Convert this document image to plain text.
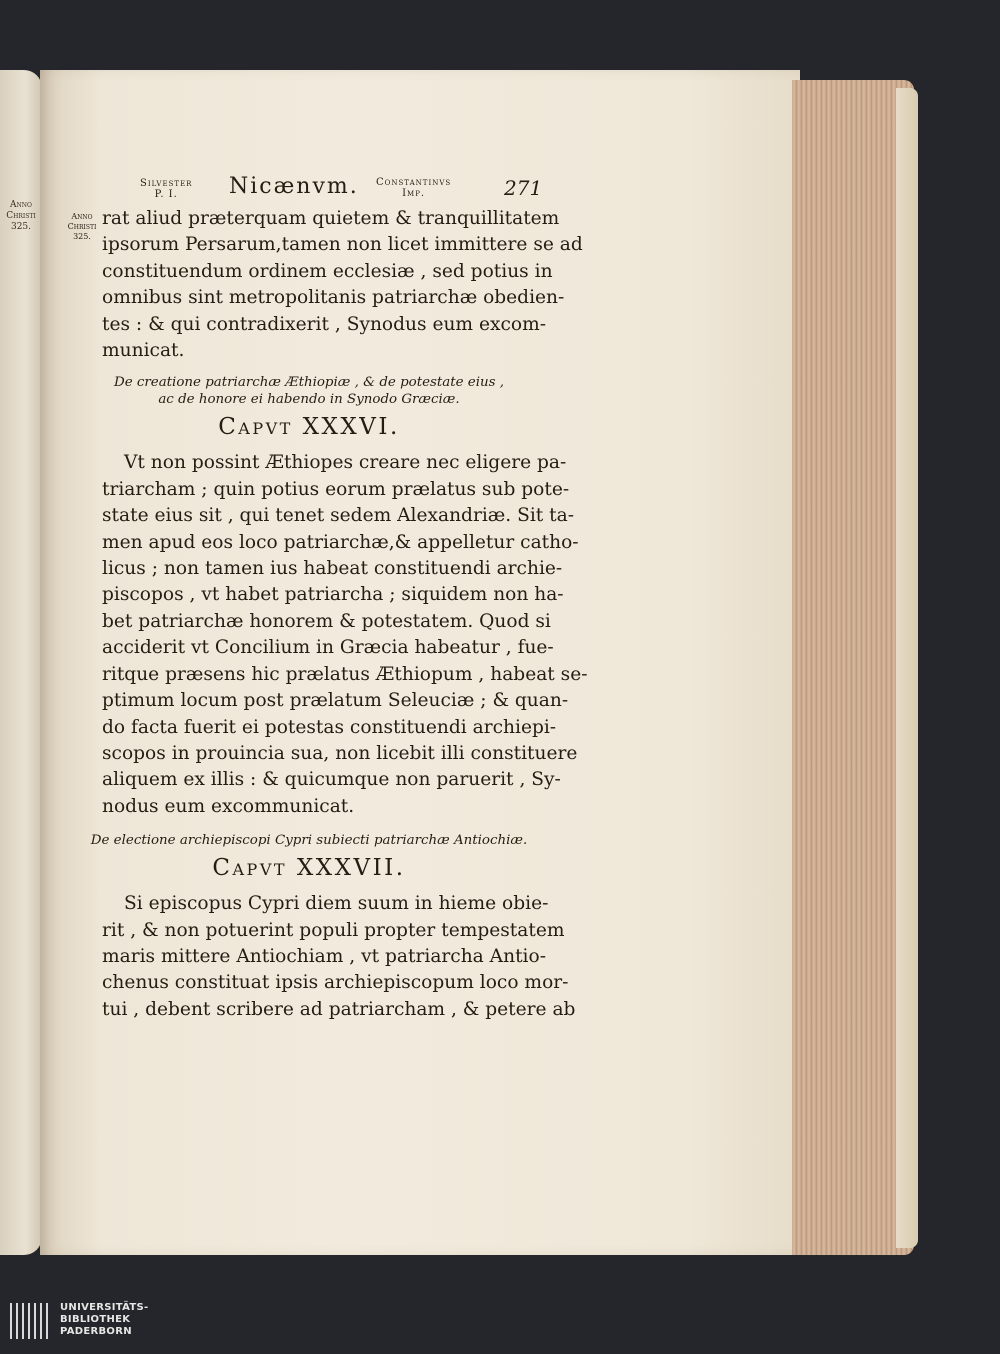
Anno
Christi
325.
Silvester
P. I.	Nicænvm. Constantinvs
Imp.	271
Anno
Christi
325.
rat aliud præterquam quietem & tranquillitatem
ipsorum Persarum,tamen non licet immittere se ad
constituendum ordinem ecclesiæ , sed potius in
omnibus sint metropolitanis patriarchæ obedien-
tes : & qui contradixerit , Synodus eum excom-
municat.
De creatione patriarchæ Æthiopiæ , & de potestate eius ,
ac de honore ei habendo in Synodo Græciæ.
Capvt XXXVI.
Vt non possint Æthiopes creare nec eligere pa-
triarcham ; quin potius eorum prælatus sub pote-
state eius sit , qui tenet sedem Alexandriæ. Sit ta-
men apud eos loco patriarchæ,& appelletur catho-
licus ; non tamen ius habeat constituendi archie-
piscopos , vt habet patriarcha ; siquidem non ha-
bet patriarchæ honorem & potestatem. Quod si
acciderit vt Concilium in Græcia habeatur , fue-
ritque præsens hic prælatus Æthiopum , habeat se-
ptimum locum post prælatum Seleuciæ ; & quan-
do facta fuerit ei potestas constituendi archiepi-
scopos in prouincia sua, non licebit illi constituere
aliquem ex illis : & quicumque non paruerit , Sy-
nodus eum excommunicat.
De electione archiepiscopi Cypri subiecti patriarchæ Antiochiæ.
Capvt XXXVII.
Si episcopus Cypri diem suum in hieme obie-
rit , & non potuerint populi propter tempestatem
maris mittere Antiochiam , vt patriarcha Antio-
chenus constituat ipsis archiepiscopum loco mor-
tui , debent scribere ad patriarcham , & petere ab
UNIVERSITÄTS-
BIBLIOTHEK
PADERBORN
